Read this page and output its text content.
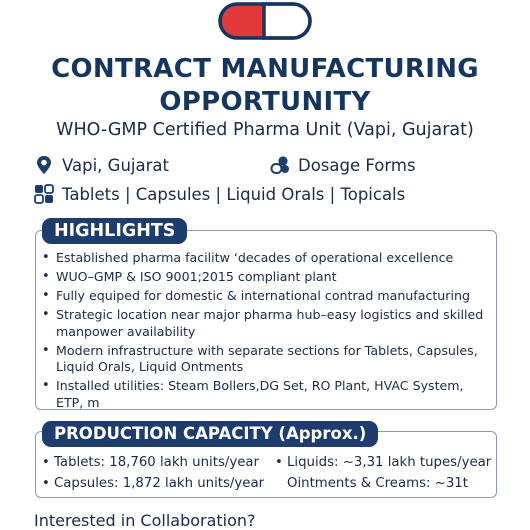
CONTRACT MANUFACTURING
OPPORTUNITY
WHO-GMP Certified Pharma Unit (Vapi, Gujarat)
Vapi, Gujarat	Dosage Forms
Tablets | Capsules | Liquid Orals | Topicals
HIGHLIGHTS
• Established pharma facilitw ‘decades of operational excellence
• WUO–GMP & ISO 9001;2015 compliant plant
• Fully equiped for domestic & international contrad manufacturing
• Strategic location near major pharma hub–easy logistics and skilled manpower availability
• Modern infrastructure with separate sections for Tablets, Capsules, Liquid Orals, Liquid Ontments
• Installed utilities: Steam Bollers,DG Set, RO Plant, HVAC System, ETP, m
PRODUCTION CAPACITY (Approx.)
• Tablets: 18,760 lakh units/year
• Capsules: 1,872 lakh units/year
• Liquids: ~3,31 lakh tupes/year
Ointments & Creams: ~31t
Interested in Collaboration?
